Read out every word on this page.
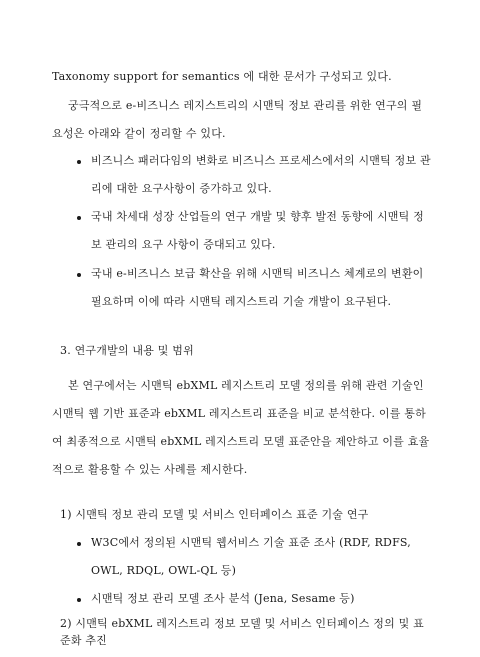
Taxonomy support for semantics 에 대한 문서가 구성되고 있다.

궁극적으로 e-비즈니스 레지스트리의 시맨틱 정보 관리를 위한 연구의 필

요성은 아래와 같이 정리할 수 있다.

비즈니스 패러다임의 변화로 비즈니스 프로세스에서의 시맨틱 정보 관

리에 대한 요구사항이 증가하고 있다.

국내 차세대 성장 산업들의 연구 개발 및 향후 발전 동향에 시맨틱 정

보 관리의 요구 사항이 증대되고 있다.

국내 e-비즈니스 보급 확산을 위해 시맨틱 비즈니스 체계로의 변환이

필요하며 이에 따라 시맨틱 레지스트리 기술 개발이 요구된다.

3. 연구개발의 내용 및 범위

본 연구에서는 시맨틱 ebXML 레지스트리 모델 정의를 위해 관련 기술인

시맨틱 웹 기반 표준과 ebXML 레지스트리 표준을 비교 분석한다. 이를 통하

여 최종적으로 시맨틱 ebXML 레지스트리 모델 표준안을 제안하고 이를 효율

적으로 활용할 수 있는 사례를 제시한다.

1) 시맨틱 정보 관리 모델 및 서비스 인터페이스 표준 기술 연구

W3C에서 정의된 시맨틱 웹서비스 기술 표준 조사 (RDF, RDFS,

OWL, RDQL, OWL-QL 등)

시맨틱 정보 관리 모델 조사 분석 (Jena, Sesame 등)

2) 시맨틱 ebXML 레지스트리 정보 모델 및 서비스 인터페이스 정의 및 표

준화 추진
